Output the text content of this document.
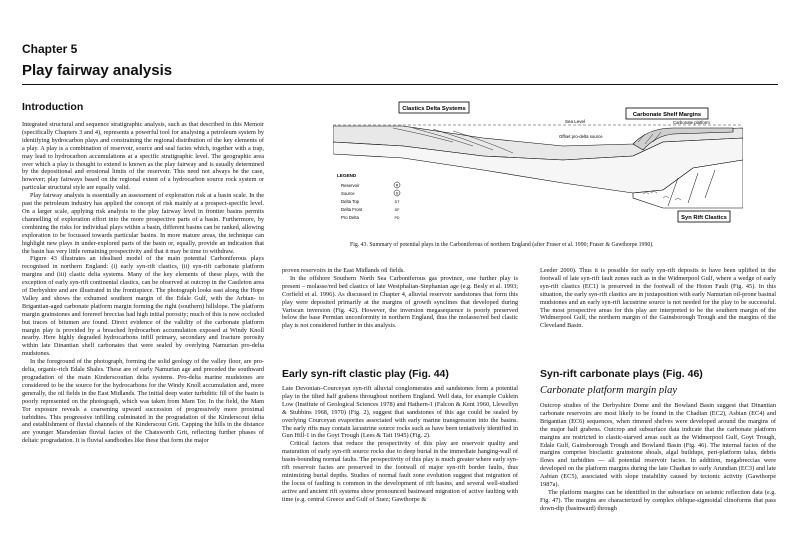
Chapter 5
Play fairway analysis
Introduction

Integrated structural and sequence stratigraphic analysis, such as that described in this Memoir (specifically Chapters 3 and 4), represents a powerful tool for analysing a petroleum system by identifying hydrocarbon plays and constraining the regional distribution of the key elements of a play. A play is a combination of reservoir, source and seal facies which, together with a trap, may lead to hydrocarbon accumulations at a specific stratigraphic level. The geographic area over which a play is thought to extend is known as the play fairway and is usually determined by the depositional and erosional limits of the reservoir. This need not always be the case, however; play fairways based on the regional extent of a hydrocarbon source rock system or particular structural style are equally valid.

Play fairway analysis is essentially an assessment of exploration risk at a basin scale. In the past the petroleum industry has applied the concept of risk mainly at a prospect-specific level. On a larger scale, applying risk analysis to the play fairway level in frontier basins permits channelling of exploration effort into the more prospective parts of a basin. Furthermore, by combining the risks for individual plays within a basin, different basins can be ranked, allowing exploration to be focussed towards particular basins. In more mature areas, the technique can highlight new plays in under-explored parts of the basin or, equally, provide an indication that the basin has very little remaining prospectivity and that it may be time to withdraw.

Figure 43 illustrates an idealised model of the main potential Carboniferous plays recognised in northern England: (i) early syn-rift clastics, (ii) syn-rift carbonate platform margins and (iii) clastic delta systems. Many of the key elements of these plays, with the exception of early syn-rift continental clastics, can be observed at outcrop in the Castleton area of Derbyshire and are illustrated in the frontispiece. The photograph looks east along the Hope Valley and shows the exhumed southern margin of the Edale Gulf, with the Arbian- to Brigantian-aged carbonate platform margin forming the right (southern) hillslope. The platform margin grainstones and forereef breccias had high initial porosity; much of this is now occluded but traces of bitumen are found. Direct evidence of the validity of the carbonate platform margin play is provided by a breached hydrocarbon accumulation exposed at Windy Knoll nearby. Here highly degraded hydrocarbons infill primary, secondary and fracture porosity within late Dinantian shelf carbonates that were sealed by overlying Namurian pro-delta mudstones.

In the foreground of the photograph, forming the solid geology of the valley floor, are pro-delta, organic-rich Edale Shales. These are of early Namurian age and preceded the southward progradation of the main Kinderscoutian delta systems. Pro-delta marine mudstones are considered to be the source for the hydrocarbons for the Windy Knoll accumulation and, more generally, the oil fields in the East Midlands. The initial deep water turbiditic fill of the basin is poorly represented on the photograph, which was taken from Mam Tor. In the field, the Mam Tor exposure reveals a coarsening upward succession of progressively more proximal turbidites. This progressive infilling culminated in the progradation of the Kinderscout delta and establishment of fluvial channels of the Kinderscout Grit. Capping the hills in the distance are younger Marsdenian fluvial facies of the Chatsworth Grit, reflecting further phases of deltaic progradation. It is fluvial sandbodies like these that form the major

Clastics Delta Systems
Carbonate Shelf Margins
Sea Level
Offset pro-delta source
Carbonate platform
Syn Rift Clastics
LEGEND
Reservoir
Source
Delta Top
Delta Front
Pro Delta
R
S
DT
DF
PD
Fig. 43. Summary of potential plays in the Carboniferous of northern England (after Fraser et al. 1990; Fraser & Gawthorpe 1990).

proven reservoirs in the East Midlands oil fields.

In the offshore Southern North Sea Carboniferous gas province, one further play is present – molasse/red bed clastics of late Westphalian-Stephanian age (e.g. Besly et al. 1993; Corfield et al. 1996). As discussed in Chapter 4, alluvial reservoir sandstones that form this play were deposited primarily at the margins of growth synclines that developed during Variscan inversion (Fig. 42). However, the inversion megasequence is poorly preserved below the base Permian unconformity in northern England, thus the molasse/red bed clastic play is not considered further in this analysis.

Early syn-rift clastic play (Fig. 44)

Late Devonian–Courceyan syn-rift alluvial conglomerates and sandstones form a potential play in the tilted half grabens throughout northern England. Well data, for example Cuklein Low (Institute of Geological Sciences 1978) and Hathern-1 (Falcon & Kent 1960, Llewellyn & Stubbins 1968, 1970) (Fig. 2), suggest that sandstones of this age could be sealed by overlying Courceyan evaporites associated with early marine transgression into the basins. The early rifts may contain lacustrine source rocks such as have been tentatively identified in Gun Hill-1 in the Goyt Trough (Lees & Tait 1945) (Fig. 2).

Critical factors that reduce the prospectivity of this play are reservoir quality and maturation of early syn-rift source rocks due to deep burial in the immediate hanging-wall of basin-bounding normal faults. The prospectivity of this play is much greater where early syn-rift reservoir facies are preserved in the footwall of major syn-rift border faults, thus minimizing burial depths. Studies of normal fault zone evolution suggest that migration of the locus of faulting is common in the development of rift basins, and several well-studied active and ancient rift systems show pronounced basinward migration of active faulting with time (e.g. central Greece and Gulf of Suez; Gawthorpe &

Leeder 2000). Thus it is possible for early syn-rift deposits to have been uplifted in the footwall of late syn-rift fault zones such as in the Widmerpool Gulf, where a wedge of early syn-rift clastics (EC1) is preserved in the footwall of the Hoton Fault (Fig. 45). In this situation, the early syn-rift clastics are in juxtaposition with early Namurian oil-prone basinal mudstones and an early syn-rift lacustrine source is not needed for the play to be successful. The most prospective areas for this play are interpreted to be the southern margin of the Widmerpool Gulf, the northern margin of the Gainsborough Trough and the margins of the Cleveland Basin.

Syn-rift carbonate plays (Fig. 46)
Carbonate platform margin play

Outcrop studies of the Derbyshire Dome and the Bowland Basin suggest that Dinantian carbonate reservoirs are most likely to be found in the Chadian (EC2), Asbian (EC4) and Brigantian (EC6) sequences, when rimmed shelves were developed around the margins of the major half grabens. Outcrop and subsurface data indicate that the carbonate platform margins are restricted to clastic-starved areas such as the Widmerpool Gulf, Goyt Trough, Edale Gulf, Gainsborough Trough and Bowland Basin (Fig. 46). The internal facies of the margins comprise bioclastic grainstone shoals, algal buildups, peri-platform talus, debris flows and turbidites — all potential reservoir facies. In addition, megabreccias were developed on the platform margins during the late Chadian to early Arundian (EC3) and late Asbian (EC5), associated with slope instability caused by tectonic activity (Gawthorpe 1987a).

The platform margins can be identified in the subsurface on seismic reflection data (e.g. Fig. 47). The margins are characterized by complex oblique-sigmoidal clinoforms that pass down-dip (basinward) through
